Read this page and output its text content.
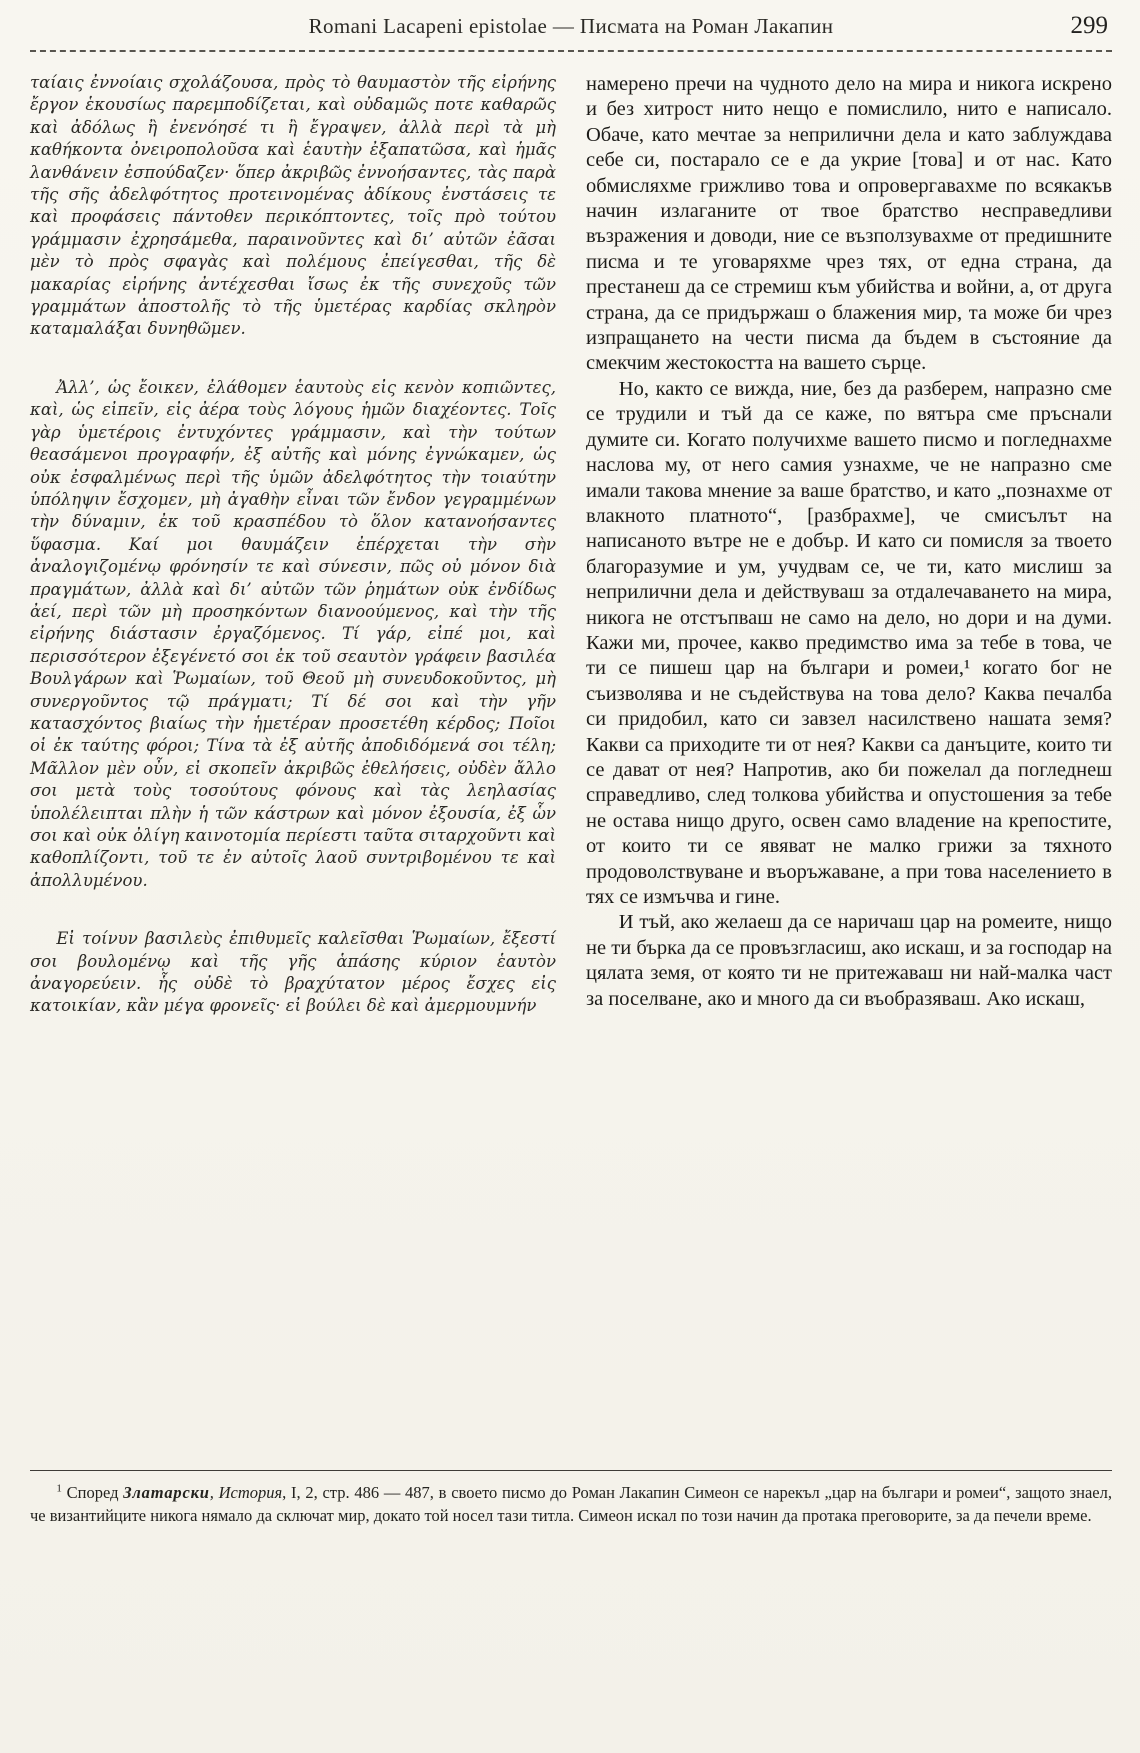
Romani Lacapeni epistolae — Писмата на Роман Лакапин	299

ταίαις ἐννοίαις σχολάζουσα, πρὸς τὸ θαυμαστὸν τῆς εἰρήνης ἔργον ἑκουσίως παρεμποδίζεται, καὶ οὐδαμῶς ποτε καθαρῶς καὶ ἀδόλως ἢ ἐνενόησέ τι ἢ ἔγραψεν, ἀλλὰ περὶ τὰ μὴ καθήκοντα ὀνειροπολοῦσα καὶ ἑαυτὴν ἐξαπατῶσα, καὶ ἡμᾶς λανθάνειν ἐσπούδαζεν· ὅπερ ἀκριβῶς ἐννοήσαντες, τὰς παρὰ τῆς σῆς ἀδελφότητος προτεινομένας ἀδίκους ἐνστάσεις τε καὶ προφάσεις πάντοθεν περικόπτοντες, τοῖς πρὸ τούτου γράμμασιν ἐχρησάμεθα, παραινοῦντες καὶ δι’ αὐτῶν ἐᾶσαι μὲν τὸ πρὸς σφαγὰς καὶ πολέμους ἐπείγεσθαι, τῆς δὲ μακαρίας εἰρήνης ἀντέχεσθαι ἴσως ἐκ τῆς συνεχοῦς τῶν γραμμάτων ἀποστολῆς τὸ τῆς ὑμετέρας καρδίας σκληρὸν καταμαλάξαι δυνηθῶμεν.

Ἀλλ’, ὡς ἔοικεν, ἐλάθομεν ἑαυτοὺς εἰς κενὸν κοπιῶντες, καὶ, ὡς εἰπεῖν, εἰς ἀέρα τοὺς λόγους ἡμῶν διαχέοντες. Τοῖς γὰρ ὑμετέροις ἐντυχόντες γράμμασιν, καὶ τὴν τούτων θεασάμενοι προγραφήν, ἐξ αὐτῆς καὶ μόνης ἐγνώκαμεν, ὡς οὐκ ἐσφαλμένως περὶ τῆς ὑμῶν ἀδελφότητος τὴν τοιαύτην ὑπόληψιν ἔσχομεν, μὴ ἀγαθὴν εἶναι τῶν ἔνδον γεγραμμένων τὴν δύναμιν, ἐκ τοῦ κρασπέδου τὸ ὅλον κατανοήσαντες ὕφασμα. Καί μοι θαυμάζειν ἐπέρχεται τὴν σὴν ἀναλογιζομένῳ φρόνησίν τε καὶ σύνεσιν, πῶς οὐ μόνον διὰ πραγμάτων, ἀλλὰ καὶ δι’ αὐτῶν τῶν ῥημάτων οὐκ ἐνδίδως ἀεί, περὶ τῶν μὴ προσηκόντων διανοούμενος, καὶ τὴν τῆς εἰρήνης διάστασιν ἐργαζόμενος. Τί γάρ, εἰπέ μοι, καὶ περισσότερον ἐξεγένετό σοι ἐκ τοῦ σεαυτὸν γράφειν βασιλέα Βουλγάρων καὶ Ῥωμαίων, τοῦ Θεοῦ μὴ συνευδοκοῦντος, μὴ συνεργοῦντος τῷ πράγματι; Τί δέ σοι καὶ τὴν γῆν κατασχόντος βιαίως τὴν ἡμετέραν προσετέθη κέρδος; Ποῖοι οἱ ἐκ ταύτης φόροι; Τίνα τὰ ἐξ αὐτῆς ἀποδιδόμενά σοι τέλη; Μᾶλλον μὲν οὖν, εἰ σκοπεῖν ἀκριβῶς ἐθελήσεις, οὐδὲν ἄλλο σοι μετὰ τοὺς τοσούτους φόνους καὶ τὰς λεηλασίας ὑπολέλειπται πλὴν ἡ τῶν κάστρων καὶ μόνον ἐξουσία, ἐξ ὧν σοι καὶ οὐκ ὀλίγη καινοτομία περίεστι ταῦτα σιταρχοῦντι καὶ καθοπλίζοντι, τοῦ τε ἐν αὐτοῖς λαοῦ συντριβομένου τε καὶ ἀπολλυμένου.

Εἰ τοίνυν βασιλεὺς ἐπιθυμεῖς καλεῖσθαι Ῥωμαίων, ἔξεστί σοι βουλομένῳ καὶ τῆς γῆς ἁπάσης κύριον ἑαυτὸν ἀναγορεύειν. ἧς οὐδὲ τὸ βραχύτατον μέρος ἔσχες εἰς κατοικίαν, κἂν μέγα φρονεῖς· εἰ βούλει δὲ καὶ ἀμερμουμνήν

намерено пречи на чудното дело на мира и никога искрено и без хитрост нито нещо е помислило, нито е написало. Обаче, като мечтае за неприлични дела и като заблуждава себе си, постарало се е да укрие [това] и от нас. Като обмисляхме грижливо това и опровергавахме по всякакъв начин излаганите от твое братство несправедливи възражения и доводи, ние се възползувахме от предишните писма и те уговаряхме чрез тях, от една страна, да престанеш да се стремиш към убийства и войни, а, от друга страна, да се придържаш о блажения мир, та може би чрез изпращането на чести писма да бъдем в състояние да смекчим жестокостта на вашето сърце.

Но, както се вижда, ние, без да разберем, напразно сме се трудили и тъй да се каже, по вятъра сме пръснали думите си. Когато получихме вашето писмо и погледнахме наслова му, от него самия узнахме, че не напразно сме имали такова мнение за ваше братство, и като „познахме от влакното платното“, [разбрахме], че смисълът на написаното вътре не е добър. И като си помисля за твоето благоразумие и ум, учудвам се, че ти, като мислиш за неприлични дела и действуваш за отдалечаването на мира, никога не отстъпваш не само на дело, но дори и на думи. Кажи ми, прочее, какво предимство има за тебе в това, че ти се пишеш цар на българи и ромеи,¹ когато бог не съизволява и не съдействува на това дело? Каква печалба си придобил, като си завзел насилствено нашата земя? Какви са приходите ти от нея? Какви са данъците, които ти се дават от нея? Напротив, ако би пожелал да погледнеш справедливо, след толкова убийства и опустошения за тебе не остава нищо друго, освен само владение на крепостите, от които ти се явяват не малко грижи за тяхното продоволствуване и въоръжаване, а при това населението в тях се измъчва и гине.

И тъй, ако желаеш да се наричаш цар на ромеите, нищо не ти бърка да се провъзгласиш, ако искаш, и за господар на цялата земя, от която ти не притежаваш ни най-малка част за поселване, ако и много да си въобразяваш. Ако искаш,

$^1$ Според Златарски, История, I, 2, стр. 486 — 487, в своето писмо до Роман Лакапин Симеон се нарекъл „цар на българи и ромеи“, защото знаел, че византийците никога нямало да сключат мир, докато той носел тази титла. Симеон искал по този начин да протака преговорите, за да печели време.
